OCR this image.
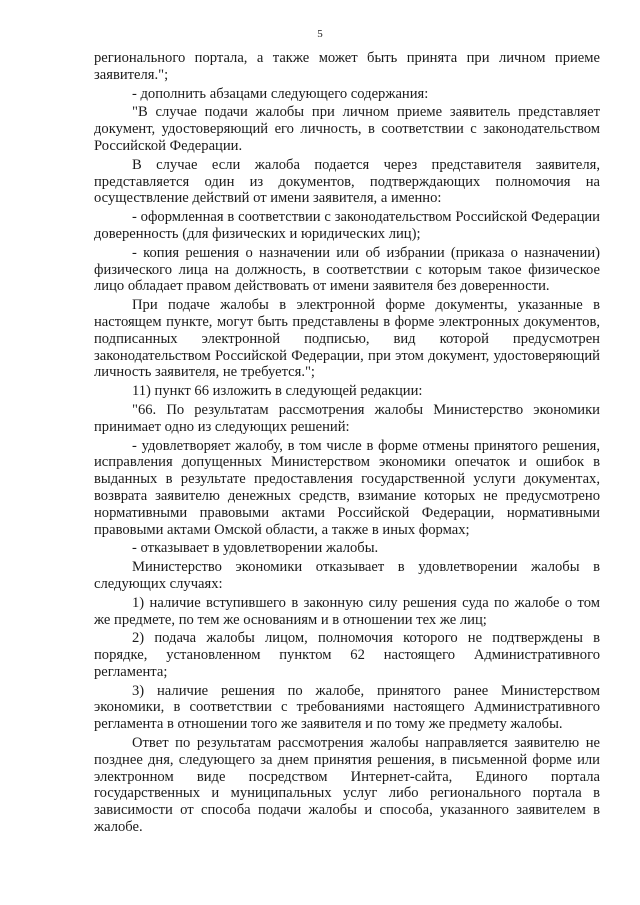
5

регионального портала, а также может быть принята при личном приеме заявителя.";

- дополнить абзацами следующего содержания:

"В случае подачи жалобы при личном приеме заявитель представляет документ, удостоверяющий его личность, в соответствии с законодательством Российской Федерации.

В случае если жалоба подается через представителя заявителя, представляется один из документов, подтверждающих полномочия на осуществление действий от имени заявителя, а именно:

- оформленная в соответствии с законодательством Российской Федерации доверенность (для физических и юридических лиц);

- копия решения о назначении или об избрании (приказа о назначении) физического лица на должность, в соответствии с которым такое физическое лицо обладает правом действовать от имени заявителя без доверенности.

При подаче жалобы в электронной форме документы, указанные в настоящем пункте, могут быть представлены в форме электронных документов, подписанных электронной подписью, вид которой предусмотрен законодательством Российской Федерации, при этом документ, удостоверяющий личность заявителя, не требуется.";

11) пункт 66 изложить в следующей редакции:

"66. По результатам рассмотрения жалобы Министерство экономики принимает одно из следующих решений:

- удовлетворяет жалобу, в том числе в форме отмены принятого решения, исправления допущенных Министерством экономики опечаток и ошибок в выданных в результате предоставления государственной услуги документах, возврата заявителю денежных средств, взимание которых не предусмотрено нормативными правовыми актами Российской Федерации, нормативными правовыми актами Омской области, а также в иных формах;

- отказывает в удовлетворении жалобы.

Министерство экономики отказывает в удовлетворении жалобы в следующих случаях:

1) наличие вступившего в законную силу решения суда по жалобе о том же предмете, по тем же основаниям и в отношении тех же лиц;

2) подача жалобы лицом, полномочия которого не подтверждены в порядке, установленном пунктом 62 настоящего Административного регламента;

3) наличие решения по жалобе, принятого ранее Министерством экономики, в соответствии с требованиями настоящего Административного регламента в отношении того же заявителя и по тому же предмету жалобы.

Ответ по результатам рассмотрения жалобы направляется заявителю не позднее дня, следующего за днем принятия решения, в письменной форме или электронном виде посредством Интернет-сайта, Единого портала государственных и муниципальных услуг либо регионального портала в зависимости от способа подачи жалобы и способа, указанного заявителем в жалобе.
